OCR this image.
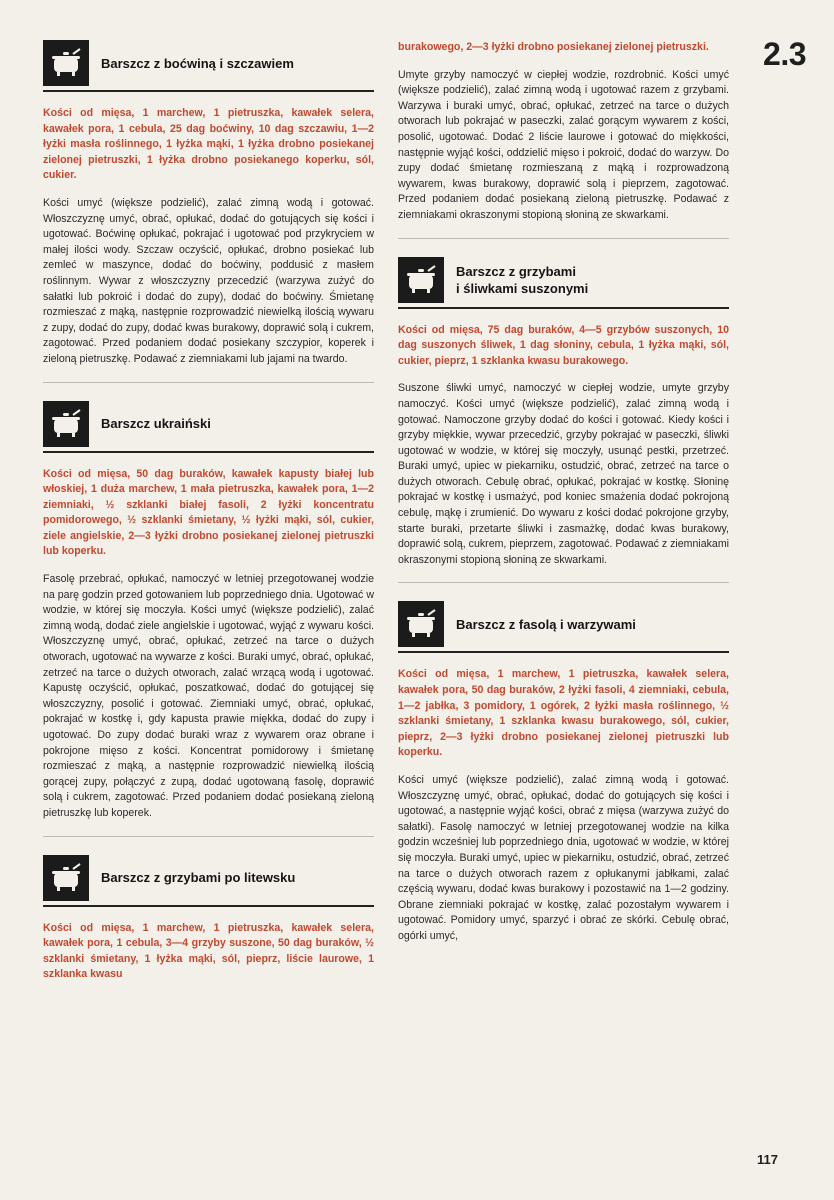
2.3
Barszcz z boćwiną i szczawiem

Kości od mięsa, 1 marchew, 1 pietruszka, kawałek selera, kawałek pora, 1 cebula, 25 dag boćwiny, 10 dag szczawiu, 1—2 łyżki masła roślinnego, 1 łyżka mąki, 1 łyżka drobno posiekanej zielonej pietruszki, 1 łyżka drobno posiekanego koperku, sól, cukier.

Kości umyć (większe podzielić), zalać zimną wodą i gotować. Włoszczyznę umyć, obrać, opłukać, dodać do gotujących się kości i ugotować. Boćwinę opłukać, pokrajać i ugotować pod przykryciem w małej ilości wody. Szczaw oczyścić, opłukać, drobno posiekać lub zemleć w maszynce, dodać do boćwiny, poddusić z masłem roślinnym. Wywar z włoszczyzny przecedzić (warzywa zużyć do sałatki lub pokroić i dodać do zupy), dodać do boćwiny. Śmietanę rozmieszać z mąką, następnie rozprowadzić niewielką ilością wywaru z zupy, dodać do zupy, dodać kwas burakowy, doprawić solą i cukrem, zagotować. Przed podaniem dodać posiekany szczypior, koperek i zieloną pietruszkę. Podawać z ziemniakami lub jajami na twardo.

Barszcz ukraiński

Kości od mięsa, 50 dag buraków, kawałek kapusty białej lub włoskiej, 1 duża marchew, 1 mała pietruszka, kawałek pora, 1—2 ziemniaki, ½ szklanki białej fasoli, 2 łyżki koncentratu pomidorowego, ½ szklanki śmietany, ½ łyżki mąki, sól, cukier, ziele angielskie, 2—3 łyżki drobno posiekanej zielonej pietruszki lub koperku.

Fasolę przebrać, opłukać, namoczyć w letniej przegotowanej wodzie na parę godzin przed gotowaniem lub poprzedniego dnia. Ugotować w wodzie, w której się moczyła. Kości umyć (większe podzielić), zalać zimną wodą, dodać ziele angielskie i ugotować, wyjąć z wywaru kości. Włoszczyznę umyć, obrać, opłukać, zetrzeć na tarce o dużych otworach, ugotować na wywarze z kości. Buraki umyć, obrać, opłukać, zetrzeć na tarce o dużych otworach, zalać wrzącą wodą i ugotować. Kapustę oczyścić, opłukać, poszatkować, dodać do gotującej się włoszczyzny, posolić i gotować. Ziemniaki umyć, obrać, opłukać, pokrajać w kostkę i, gdy kapusta prawie miękka, dodać do zupy i ugotować. Do zupy dodać buraki wraz z wywarem oraz obrane i pokrojone mięso z kości. Koncentrat pomidorowy i śmietanę rozmieszać z mąką, a następnie rozprowadzić niewielką ilością gorącej zupy, połączyć z zupą, dodać ugotowaną fasolę, doprawić solą i cukrem, zagotować. Przed podaniem dodać posiekaną zieloną pietruszkę lub koperek.

Barszcz z grzybami po litewsku

Kości od mięsa, 1 marchew, 1 pietruszka, kawałek selera, kawałek pora, 1 cebula, 3—4 grzyby suszone, 50 dag buraków, ½ szklanki śmietany, 1 łyżka mąki, sól, pieprz, liście laurowe, 1 szklanka kwasu

burakowego, 2—3 łyżki drobno posiekanej zielonej pietruszki.

Umyte grzyby namoczyć w ciepłej wodzie, rozdrobnić. Kości umyć (większe podzielić), zalać zimną wodą i ugotować razem z grzybami. Warzywa i buraki umyć, obrać, opłukać, zetrzeć na tarce o dużych otworach lub pokrajać w paseczki, zalać gorącym wywarem z kości, posolić, ugotować. Dodać 2 liście laurowe i gotować do miękkości, następnie wyjąć kości, oddzielić mięso i pokroić, dodać do warzyw. Do zupy dodać śmietanę rozmieszaną z mąką i rozprowadzoną wywarem, kwas burakowy, doprawić solą i pieprzem, zagotować. Przed podaniem dodać posiekaną zieloną pietruszkę. Podawać z ziemniakami okraszonymi stopioną słoniną ze skwarkami.

Barszcz z grzybami
i śliwkami suszonymi

Kości od mięsa, 75 dag buraków, 4—5 grzybów suszonych, 10 dag suszonych śliwek, 1 dag słoniny, cebula, 1 łyżka mąki, sól, cukier, pieprz, 1 szklanka kwasu burakowego.

Suszone śliwki umyć, namoczyć w ciepłej wodzie, umyte grzyby namoczyć. Kości umyć (większe podzielić), zalać zimną wodą i gotować. Namoczone grzyby dodać do kości i gotować. Kiedy kości i grzyby miękkie, wywar przecedzić, grzyby pokrajać w paseczki, śliwki ugotować w wodzie, w której się moczyły, usunąć pestki, przetrzeć. Buraki umyć, upiec w piekarniku, ostudzić, obrać, zetrzeć na tarce o dużych otworach. Cebulę obrać, opłukać, pokrajać w kostkę. Słoninę pokrajać w kostkę i usmażyć, pod koniec smażenia dodać pokrojoną cebulę, mąkę i zrumienić. Do wywaru z kości dodać pokrojone grzyby, starte buraki, przetarte śliwki i zasmażkę, dodać kwas burakowy, doprawić solą, cukrem, pieprzem, zagotować. Podawać z ziemniakami okraszonymi stopioną słoniną ze skwarkami.

Barszcz z fasolą i warzywami

Kości od mięsa, 1 marchew, 1 pietruszka, kawałek selera, kawałek pora, 50 dag buraków, 2 łyżki fasoli, 4 ziemniaki, cebula, 1—2 jabłka, 3 pomidory, 1 ogórek, 2 łyżki masła roślinnego, ½ szklanki śmietany, 1 szklanka kwasu burakowego, sól, cukier, pieprz, 2—3 łyżki drobno posiekanej zielonej pietruszki lub koperku.

Kości umyć (większe podzielić), zalać zimną wodą i gotować. Włoszczyznę umyć, obrać, opłukać, dodać do gotujących się kości i ugotować, a następnie wyjąć kości, obrać z mięsa (warzywa zużyć do sałatki). Fasolę namoczyć w letniej przegotowanej wodzie na kilka godzin wcześniej lub poprzedniego dnia, ugotować w wodzie, w której się moczyła. Buraki umyć, upiec w piekarniku, ostudzić, obrać, zetrzeć na tarce o dużych otworach razem z opłukanymi jabłkami, zalać częścią wywaru, dodać kwas burakowy i pozostawić na 1—2 godziny. Obrane ziemniaki pokrajać w kostkę, zalać pozostałym wywarem i ugotować. Pomidory umyć, sparzyć i obrać ze skórki. Cebulę obrać, ogórki umyć,

117
